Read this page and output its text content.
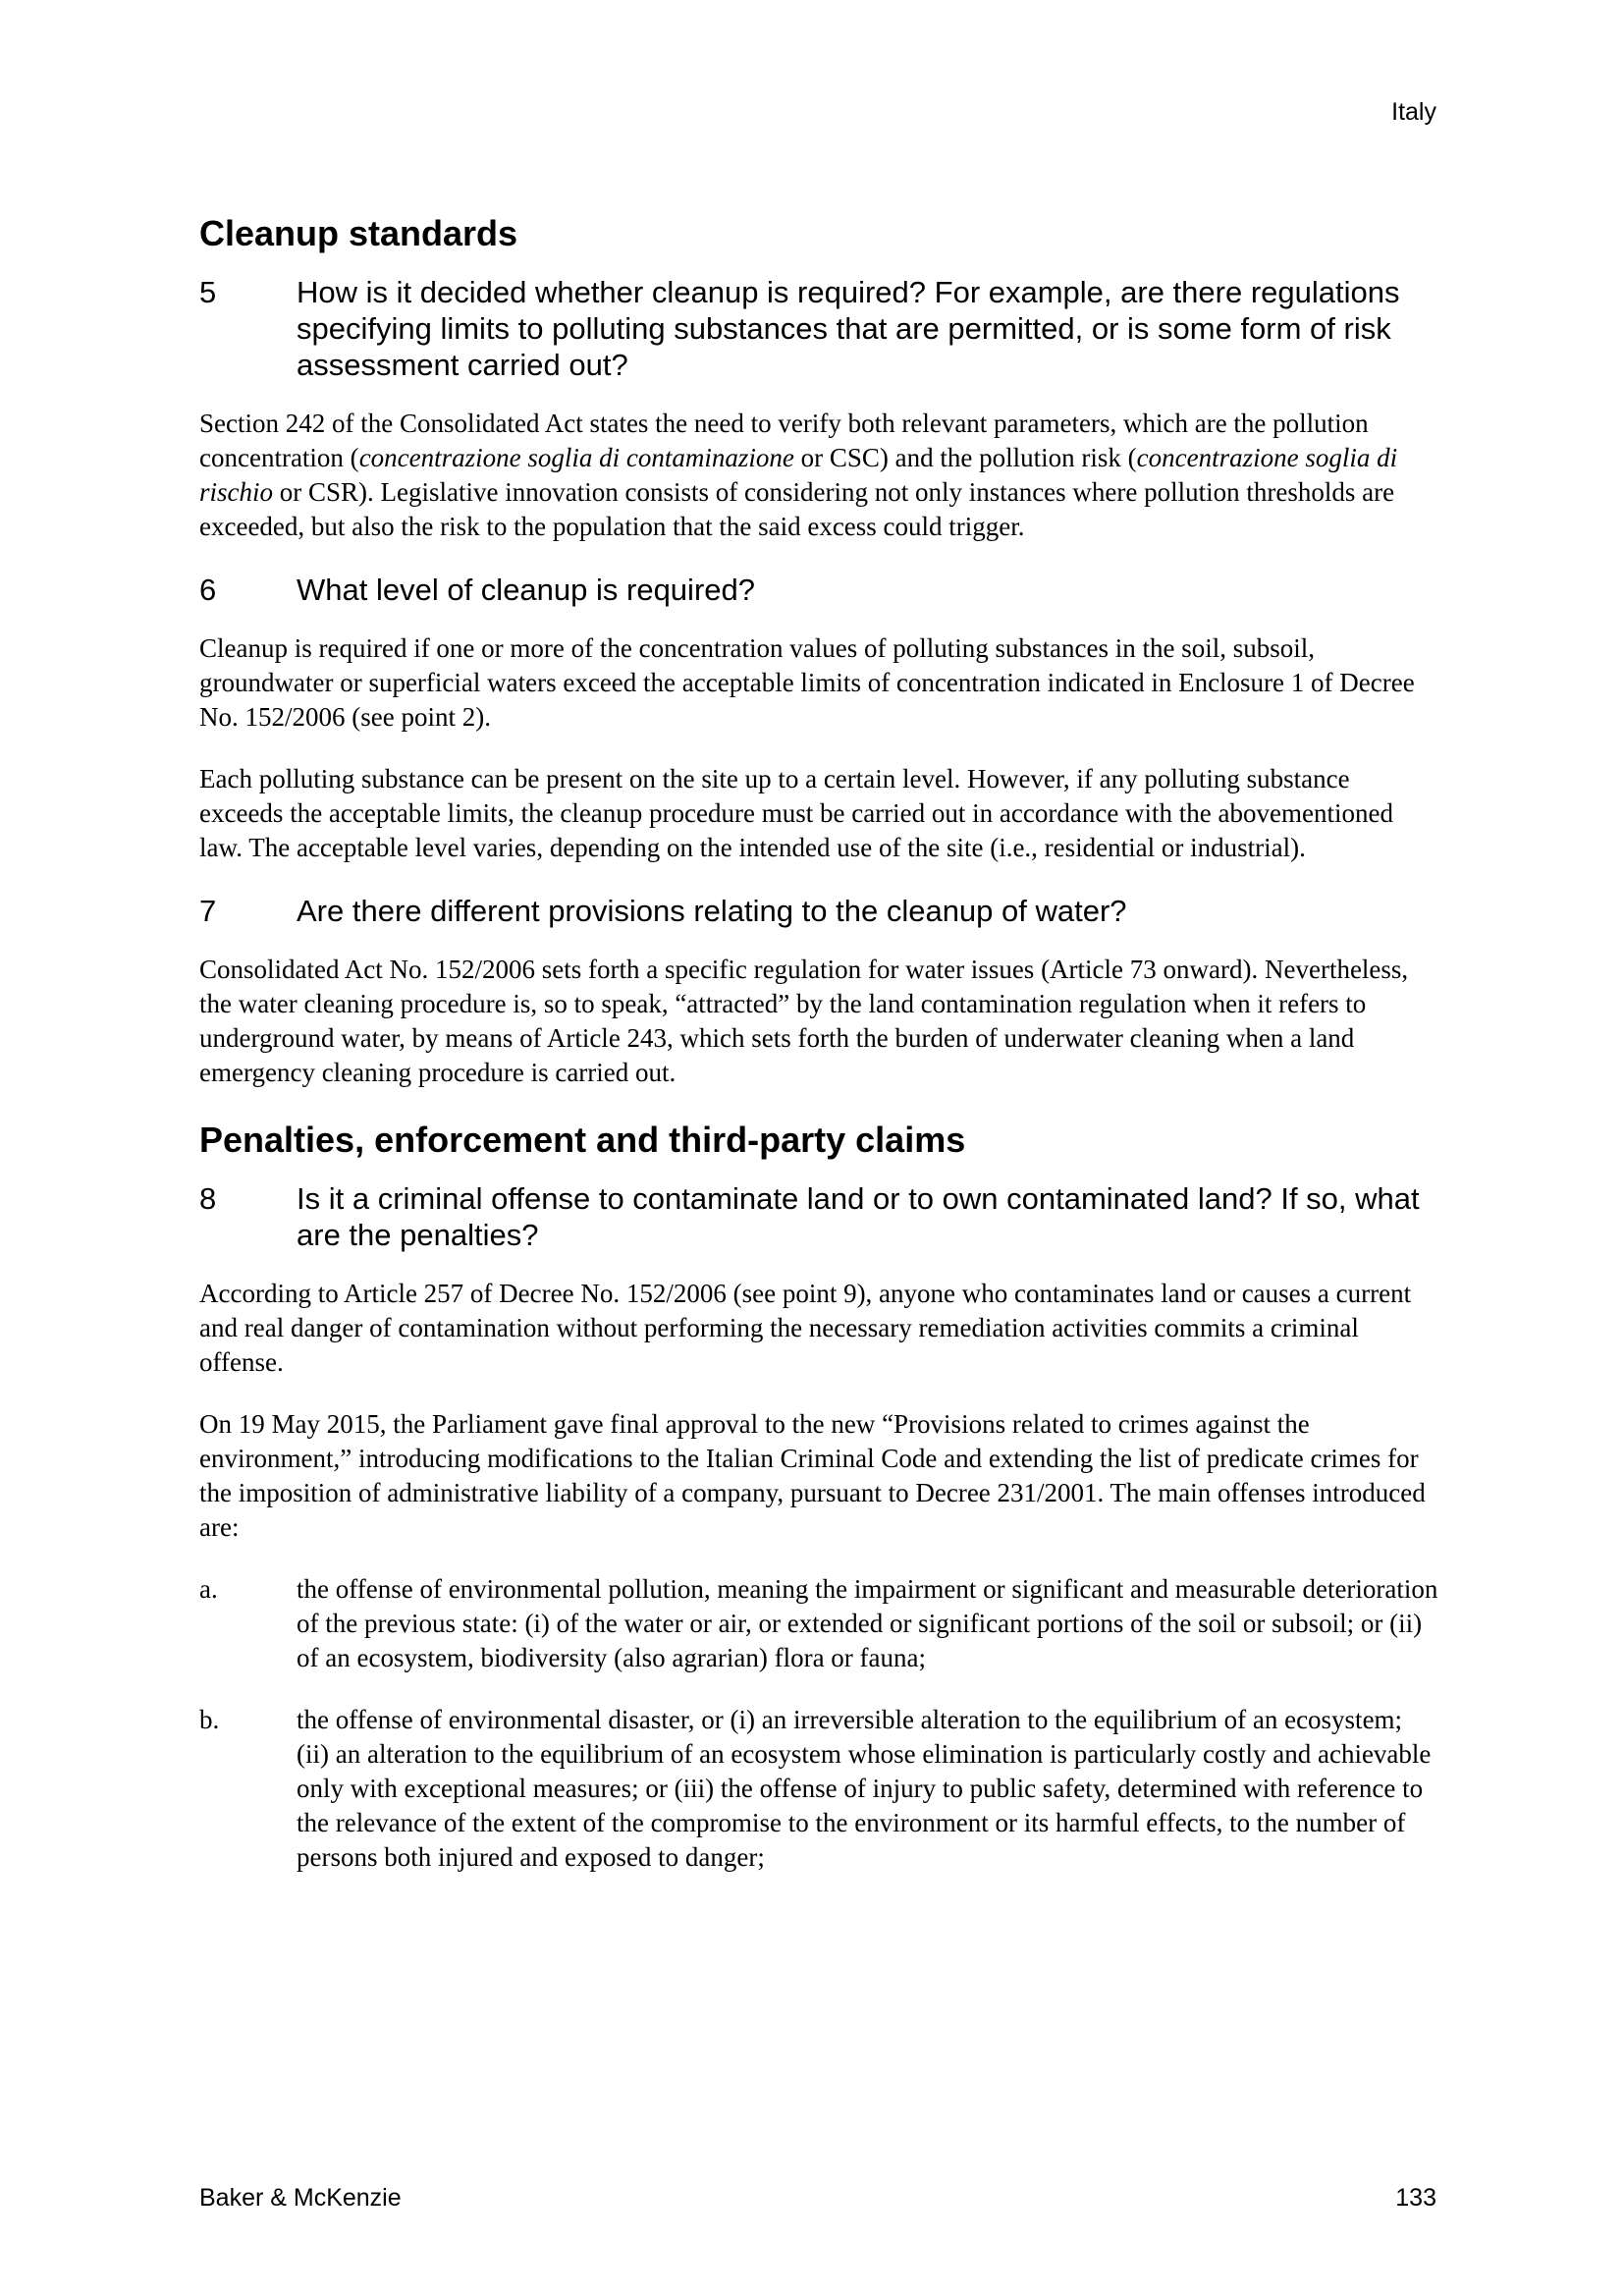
Italy
Cleanup standards
5	How is it decided whether cleanup is required? For example, are there regulations specifying limits to polluting substances that are permitted, or is some form of risk assessment carried out?

Section 242 of the Consolidated Act states the need to verify both relevant parameters, which are the pollution concentration (concentrazione soglia di contaminazione or CSC) and the pollution risk (concentrazione soglia di rischio or CSR). Legislative innovation consists of considering not only instances where pollution thresholds are exceeded, but also the risk to the population that the said excess could trigger.

6	What level of cleanup is required?

Cleanup is required if one or more of the concentration values of polluting substances in the soil, subsoil, groundwater or superficial waters exceed the acceptable limits of concentration indicated in Enclosure 1 of Decree No. 152/2006 (see point 2).

Each polluting substance can be present on the site up to a certain level. However, if any polluting substance exceeds the acceptable limits, the cleanup procedure must be carried out in accordance with the abovementioned law. The acceptable level varies, depending on the intended use of the site (i.e., residential or industrial).

7	Are there different provisions relating to the cleanup of water?

Consolidated Act No. 152/2006 sets forth a specific regulation for water issues (Article 73 onward). Nevertheless, the water cleaning procedure is, so to speak, “attracted” by the land contamination regulation when it refers to underground water, by means of Article 243, which sets forth the burden of underwater cleaning when a land emergency cleaning procedure is carried out.

Penalties, enforcement and third-party claims
8	Is it a criminal offense to contaminate land or to own contaminated land? If so, what are the penalties?

According to Article 257 of Decree No. 152/2006 (see point 9), anyone who contaminates land or causes a current and real danger of contamination without performing the necessary remediation activities commits a criminal offense.

On 19 May 2015, the Parliament gave final approval to the new “Provisions related to crimes against the environment,” introducing modifications to the Italian Criminal Code and extending the list of predicate crimes for the imposition of administrative liability of a company, pursuant to Decree 231/2001. The main offenses introduced are:

a.	the offense of environmental pollution, meaning the impairment or significant and measurable deterioration of the previous state: (i) of the water or air, or extended or significant portions of the soil or subsoil; or (ii) of an ecosystem, biodiversity (also agrarian) flora or fauna;
b.	the offense of environmental disaster, or (i) an irreversible alteration to the equilibrium of an ecosystem; (ii) an alteration to the equilibrium of an ecosystem whose elimination is particularly costly and achievable only with exceptional measures; or (iii) the offense of injury to public safety, determined with reference to the relevance of the extent of the compromise to the environment or its harmful effects, to the number of persons both injured and exposed to danger;
Baker & McKenzie	133
